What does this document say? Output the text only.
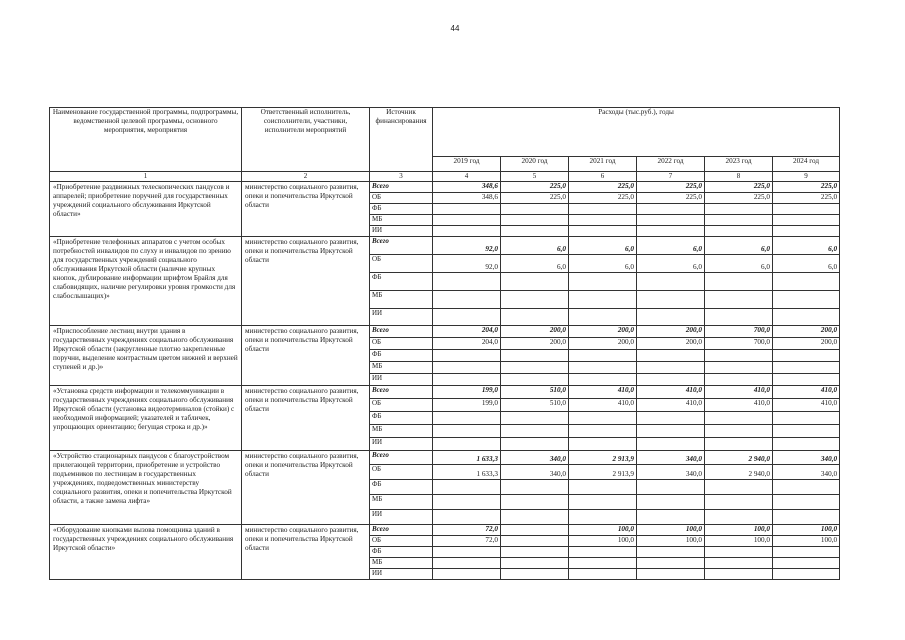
44
Наименование государственной программы, подпрограммы, ведомственной целевой программы, основного мероприятия, мероприятия	Ответственный исполнитель, соисполнители, участники, исполнители мероприятий	Источник финансирования	Расходы (тыс.руб.), годы					
			2019 год	2020 год	2021 год	2022 год	2023 год	2024 год
1	2	3	4	5	6	7	8	9
«Приобретение раздвижных телескопических пандусов и аппарелей; приобретение поручней для государственных учреждений социального обслуживания Иркутской области»	министерство социального развития, опеки и попечительства Иркутской области	Всего	348,6	225,0	225,0	225,0	225,0	225,0
		ОБ	348,6	225,0	225,0	225,0	225,0	225,0
		ФБ						
		МБ						
		ИИ						
«Приобретение телефонных аппаратов с учетом особых потребностей инвалидов по слуху и инвалидов по зрению для государственных учреждений социального обслуживания Иркутской области (наличие крупных кнопок, дублирование информации шрифтом Брайля для слабовидящих, наличие регулировки уровня громкости для слабослышащих)»	министерство социального развития, опеки и попечительства Иркутской области	Всего	92,0	6,0	6,0	6,0	6,0	6,0
		ОБ	92,0	6,0	6,0	6,0	6,0	6,0
		ФБ						
		МБ						
		ИИ						
«Приспособление лестниц внутри здания в государственных учреждениях социального обслуживания Иркутской области (закругленные плотно закрепленные поручни, выделение контрастным цветом нижней и верхней ступеней и др.)»	министерство социального развития, опеки и попечительства Иркутской области	Всего	204,0	200,0	200,0	200,0	700,0	200,0
		ОБ	204,0	200,0	200,0	200,0	700,0	200,0
		ФБ						
		МБ						
		ИИ						
«Установка средств информации и телекоммуникации в государственных учреждениях социального обслуживания Иркутской области (установка видеотерминалов (стойки) с необходимой информацией; указателей и табличек, упрощающих ориентацию; бегущая строка и др.)»	министерство социального развития, опеки и попечительства Иркутской области	Всего	199,0	510,0	410,0	410,0	410,0	410,0
		ОБ	199,0	510,0	410,0	410,0	410,0	410,0
		ФБ						
		МБ						
		ИИ						
«Устройство стационарных пандусов с благоустройством прилегающей территории, приобретение и устройство подъемников по лестницам в государственных учреждениях, подведомственных министерству социального развития, опеки и попечительства Иркутской области, а также замена лифта»	министерство социального развития, опеки и попечительства Иркутской области	Всего	1 633,3	340,0	2 913,9	340,0	2 940,0	340,0
		ОБ	1 633,3	340,0	2 913,9	340,0	2 940,0	340,0
		ФБ						
		МБ						
		ИИ						
«Оборудование кнопками вызова помощника зданий в государственных учреждениях социального обслуживания Иркутской области»	министерство социального развития, опеки и попечительства Иркутской области	Всего	72,0		100,0	100,0	100,0	100,0
		ОБ	72,0		100,0	100,0	100,0	100,0
		ФБ						
		МБ						
		ИИ						
